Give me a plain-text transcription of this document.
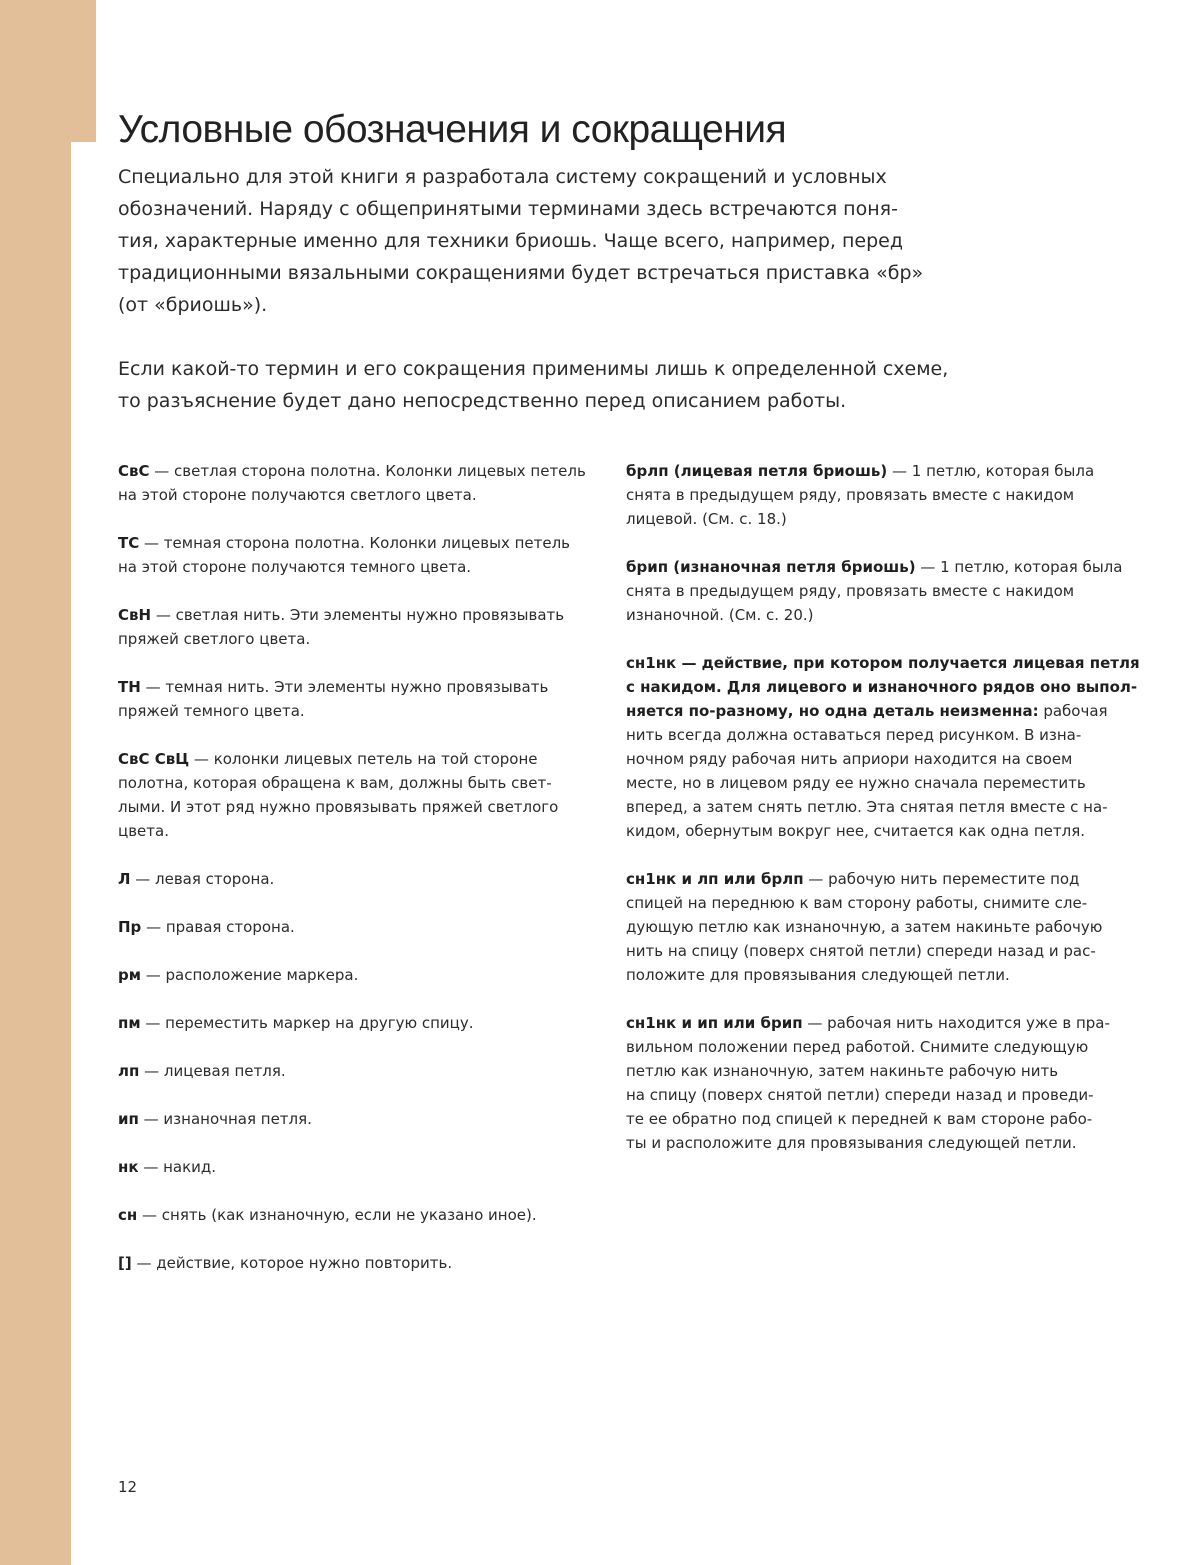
Условные обозначения и сокращения

Специально для этой книги я разработала систему сокращений и условных
обозначений. Наряду с общепринятыми терминами здесь встречаются поня-
тия, характерные именно для техники бриошь. Чаще всего, например, перед
традиционными вязальными сокращениями будет встречаться приставка «бр»
(от «бриошь»).

Если какой-то термин и его сокращения применимы лишь к определенной схеме,
то разъяснение будет дано непосредственно перед описанием работы.

СвС — светлая сторона полотна. Колонки лицевых петель
на этой стороне получаются светлого цвета.
ТС — темная сторона полотна. Колонки лицевых петель
на этой стороне получаются темного цвета.
СвН — светлая нить. Эти элементы нужно провязывать
пряжей светлого цвета.
ТН — темная нить. Эти элементы нужно провязывать
пряжей темного цвета.
СвС СвЦ — колонки лицевых петель на той стороне
полотна, которая обращена к вам, должны быть свет-
лыми. И этот ряд нужно провязывать пряжей светлого
цвета.
Л — левая сторона.
Пр — правая сторона.
рм — расположение маркера.
пм — переместить маркер на другую спицу.
лп — лицевая петля.
ип — изнаночная петля.
нк — накид.
сн — снять (как изнаночную, если не указано иное).
[] — действие, которое нужно повторить.
брлп (лицевая петля бриошь) — 1 петлю, которая была
снята в предыдущем ряду, провязать вместе с накидом
лицевой. (См. с. 18.)
брип (изнаночная петля бриошь) — 1 петлю, которая была
снята в предыдущем ряду, провязать вместе с накидом
изнаночной. (См. с. 20.)
сн1нк — действие, при котором получается лицевая петля
с накидом. Для лицевого и изнаночного рядов оно выпол-
няется по-разному, но одна деталь неизменна: рабочая
нить всегда должна оставаться перед рисунком. В изна-
ночном ряду рабочая нить априори находится на своем
месте, но в лицевом ряду ее нужно сначала переместить
вперед, а затем снять петлю. Эта снятая петля вместе с на-
кидом, обернутым вокруг нее, считается как одна петля.
сн1нк и лп или брлп — рабочую нить переместите под
спицей на переднюю к вам сторону работы, снимите сле-
дующую петлю как изнаночную, а затем накиньте рабочую
нить на спицу (поверх снятой петли) спереди назад и рас-
положите для провязывания следующей петли.
сн1нк и ип или брип — рабочая нить находится уже в пра-
вильном положении перед работой. Снимите следующую
петлю как изнаночную, затем накиньте рабочую нить
на спицу (поверх снятой петли) спереди назад и проведи-
те ее обратно под спицей к передней к вам стороне рабо-
ты и расположите для провязывания следующей петли.
12
